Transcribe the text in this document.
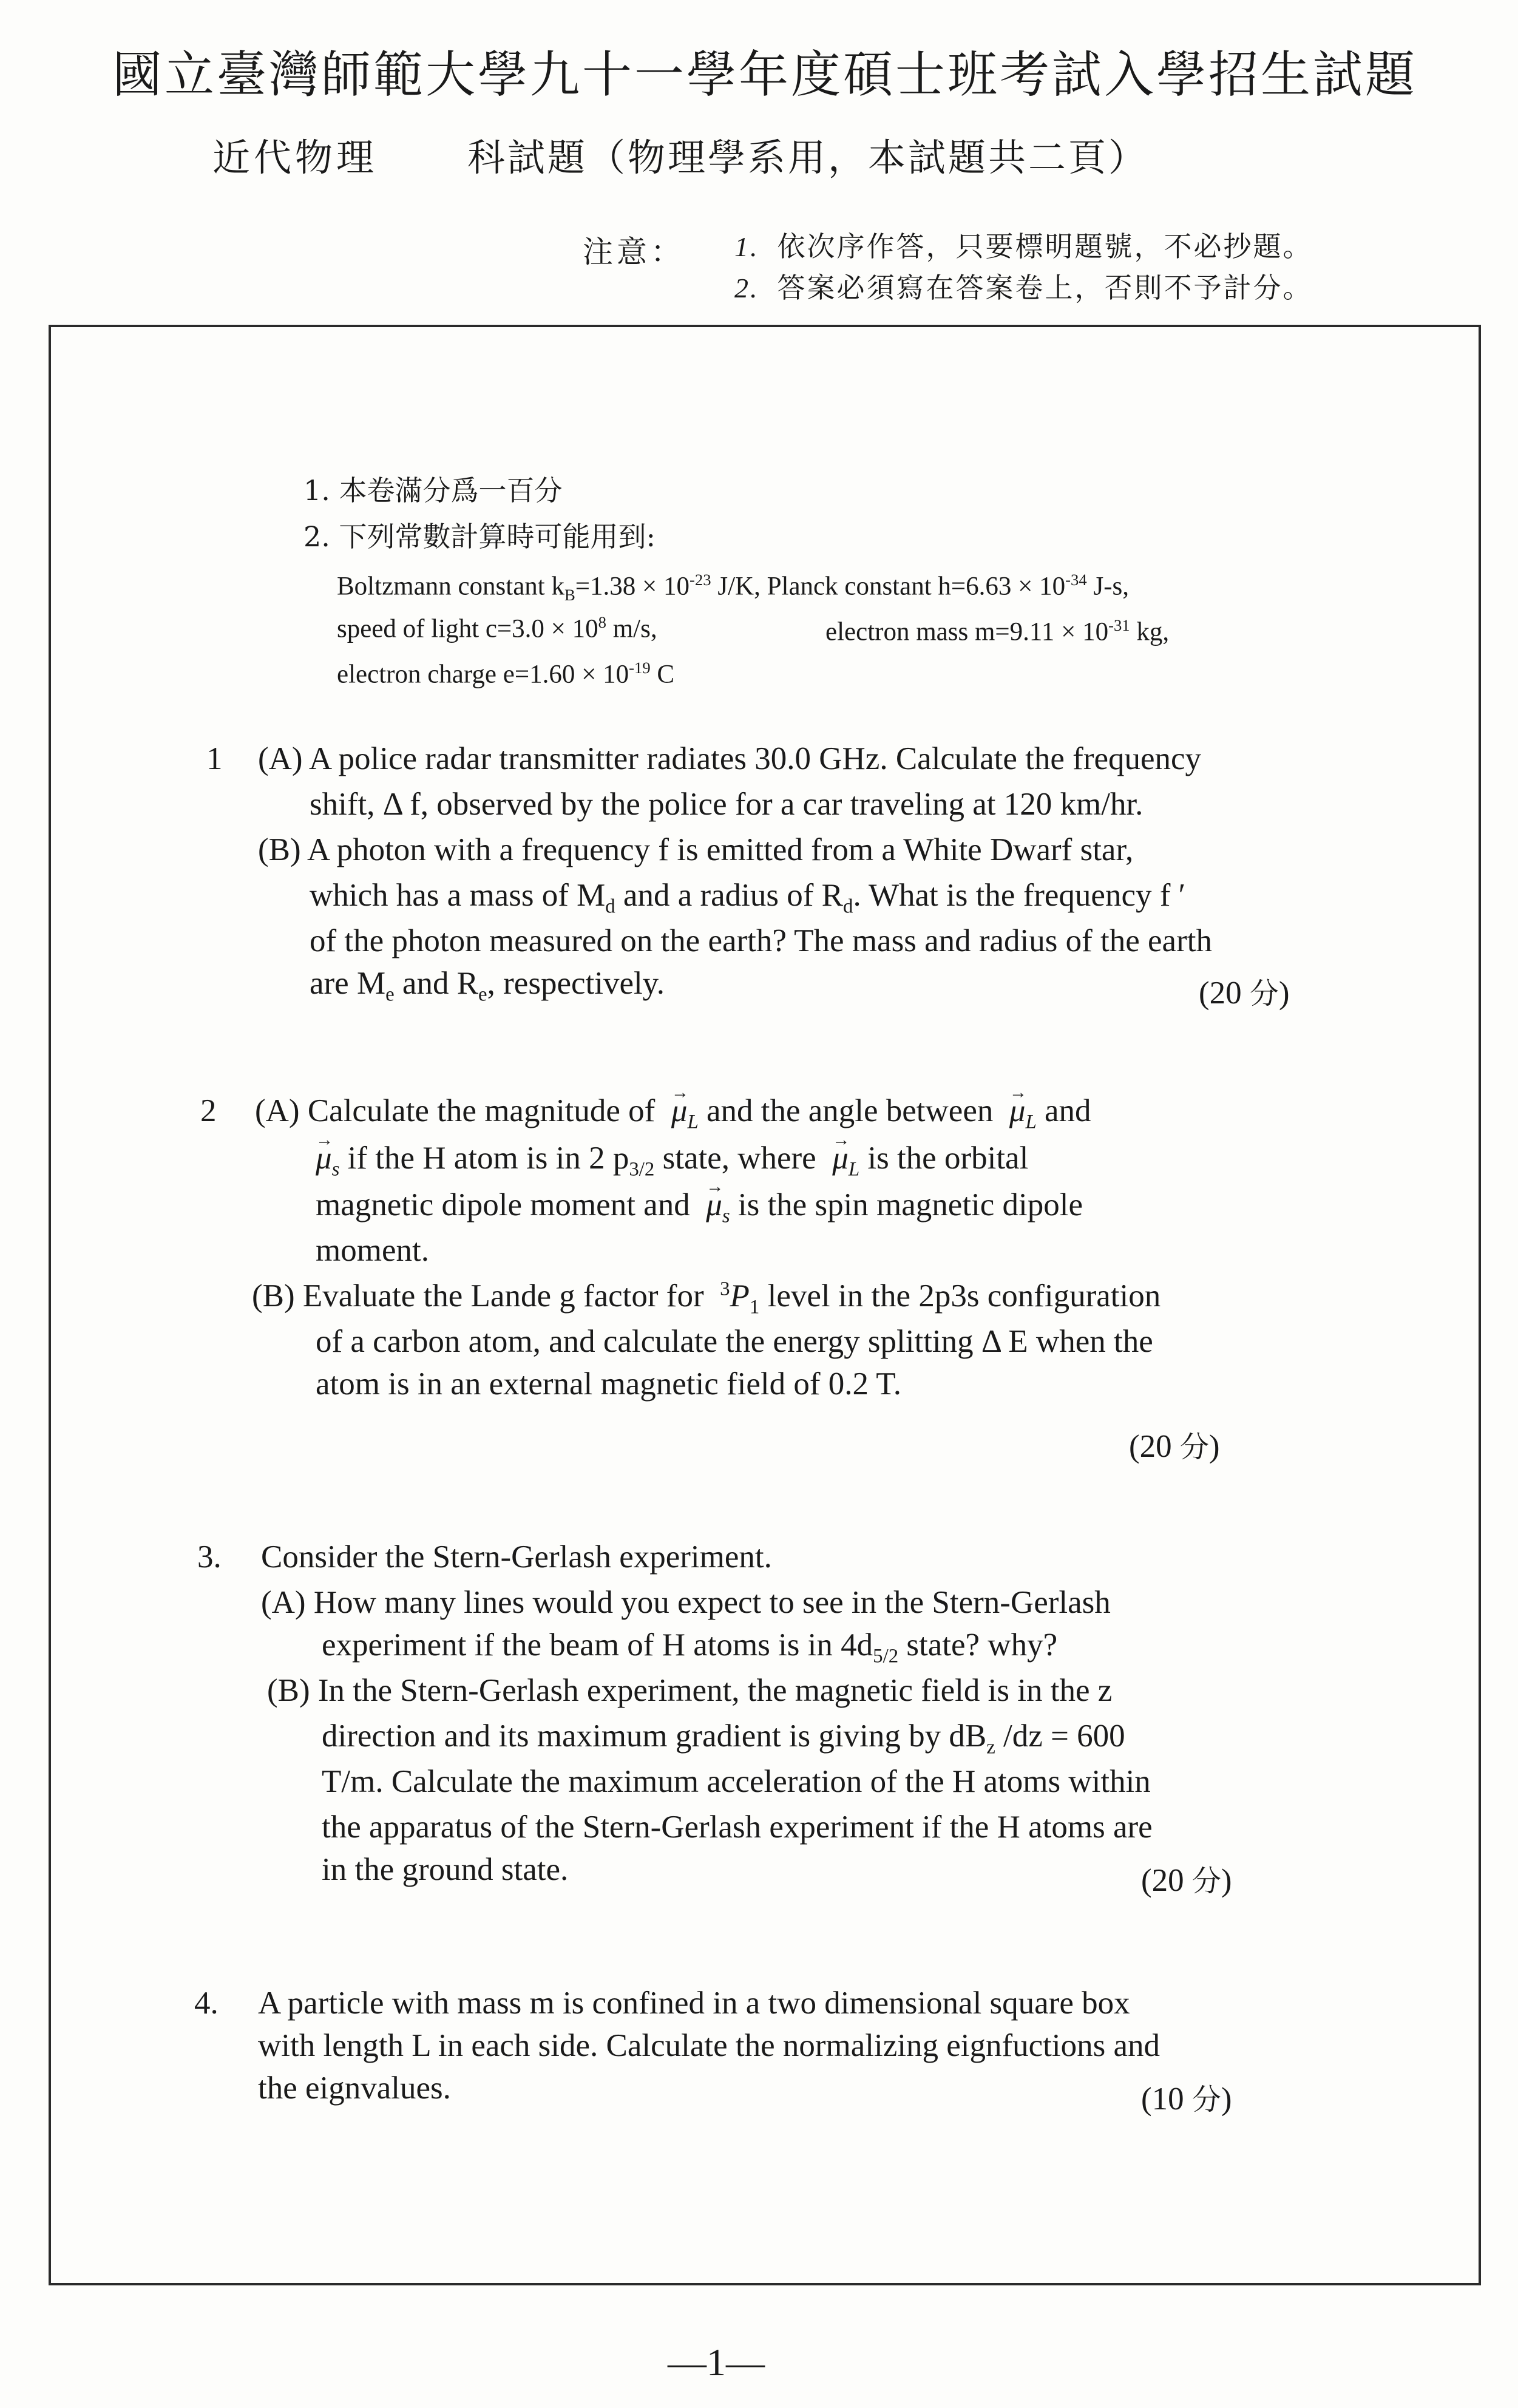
國立臺灣師範大學九十一學年度碩士班考試入學招生試題
近代物理 科試題（物理學系用，本試題共二頁）
注意： 1. 依次序作答，只要標明題號，不必抄題。
2. 答案必須寫在答案卷上，否則不予計分。
1. 本卷滿分爲一百分
2. 下列常數計算時可能用到:
Boltzmann constant $k_B=1.38 \times 10^{-23}$ J/K, Planck constant $h=6.63 \times 10^{-34}$ J-s,
speed of light $c=3.0 \times 10^8$ m/s,	electron mass $m=9.11 \times 10^{-31}$ kg,
electron charge $e=1.60 \times 10^{-19}$ C
1 (A) A police radar transmitter radiates 30.0 GHz. Calculate the frequency
shift, Δ f, observed by the police for a car traveling at 120 km/hr.
(B) A photon with a frequency f is emitted from a White Dwarf star,
which has a mass of $M_d$ and a radius of $R_d$. What is the frequency f ′
of the photon measured on the earth? The mass and radius of the earth
are $M_e$ and $R_e$, respectively.	(20 分)
2 (A) Calculate the magnitude of → $\mu_L$ and the angle between → $\mu_L$ and
→ $\mu_s$ if the H atom is in 2 $p_{3/2}$ state, where → $\mu_L$ is the orbital
magnetic dipole moment and → $\mu_s$ is the spin magnetic dipole
moment.
(B) Evaluate the Lande g factor for $^3P_1$ level in the 2p3s configuration
of a carbon atom, and calculate the energy splitting Δ E when the
atom is in an external magnetic field of 0.2 T.
(20 分)
3. Consider the Stern-Gerlash experiment.
(A) How many lines would you expect to see in the Stern-Gerlash
experiment if the beam of H atoms is in $4d_{5/2}$ state? why?
(B) In the Stern-Gerlash experiment, the magnetic field is in the z
direction and its maximum gradient is giving by $dB_z$ /dz = 600
T/m. Calculate the maximum acceleration of the H atoms within
the apparatus of the Stern-Gerlash experiment if the H atoms are
in the ground state.	(20 分)
4. A particle with mass m is confined in a two dimensional square box
with length L in each side. Calculate the normalizing eignfuctions and
the eignvalues.	(10 分)
—1—
